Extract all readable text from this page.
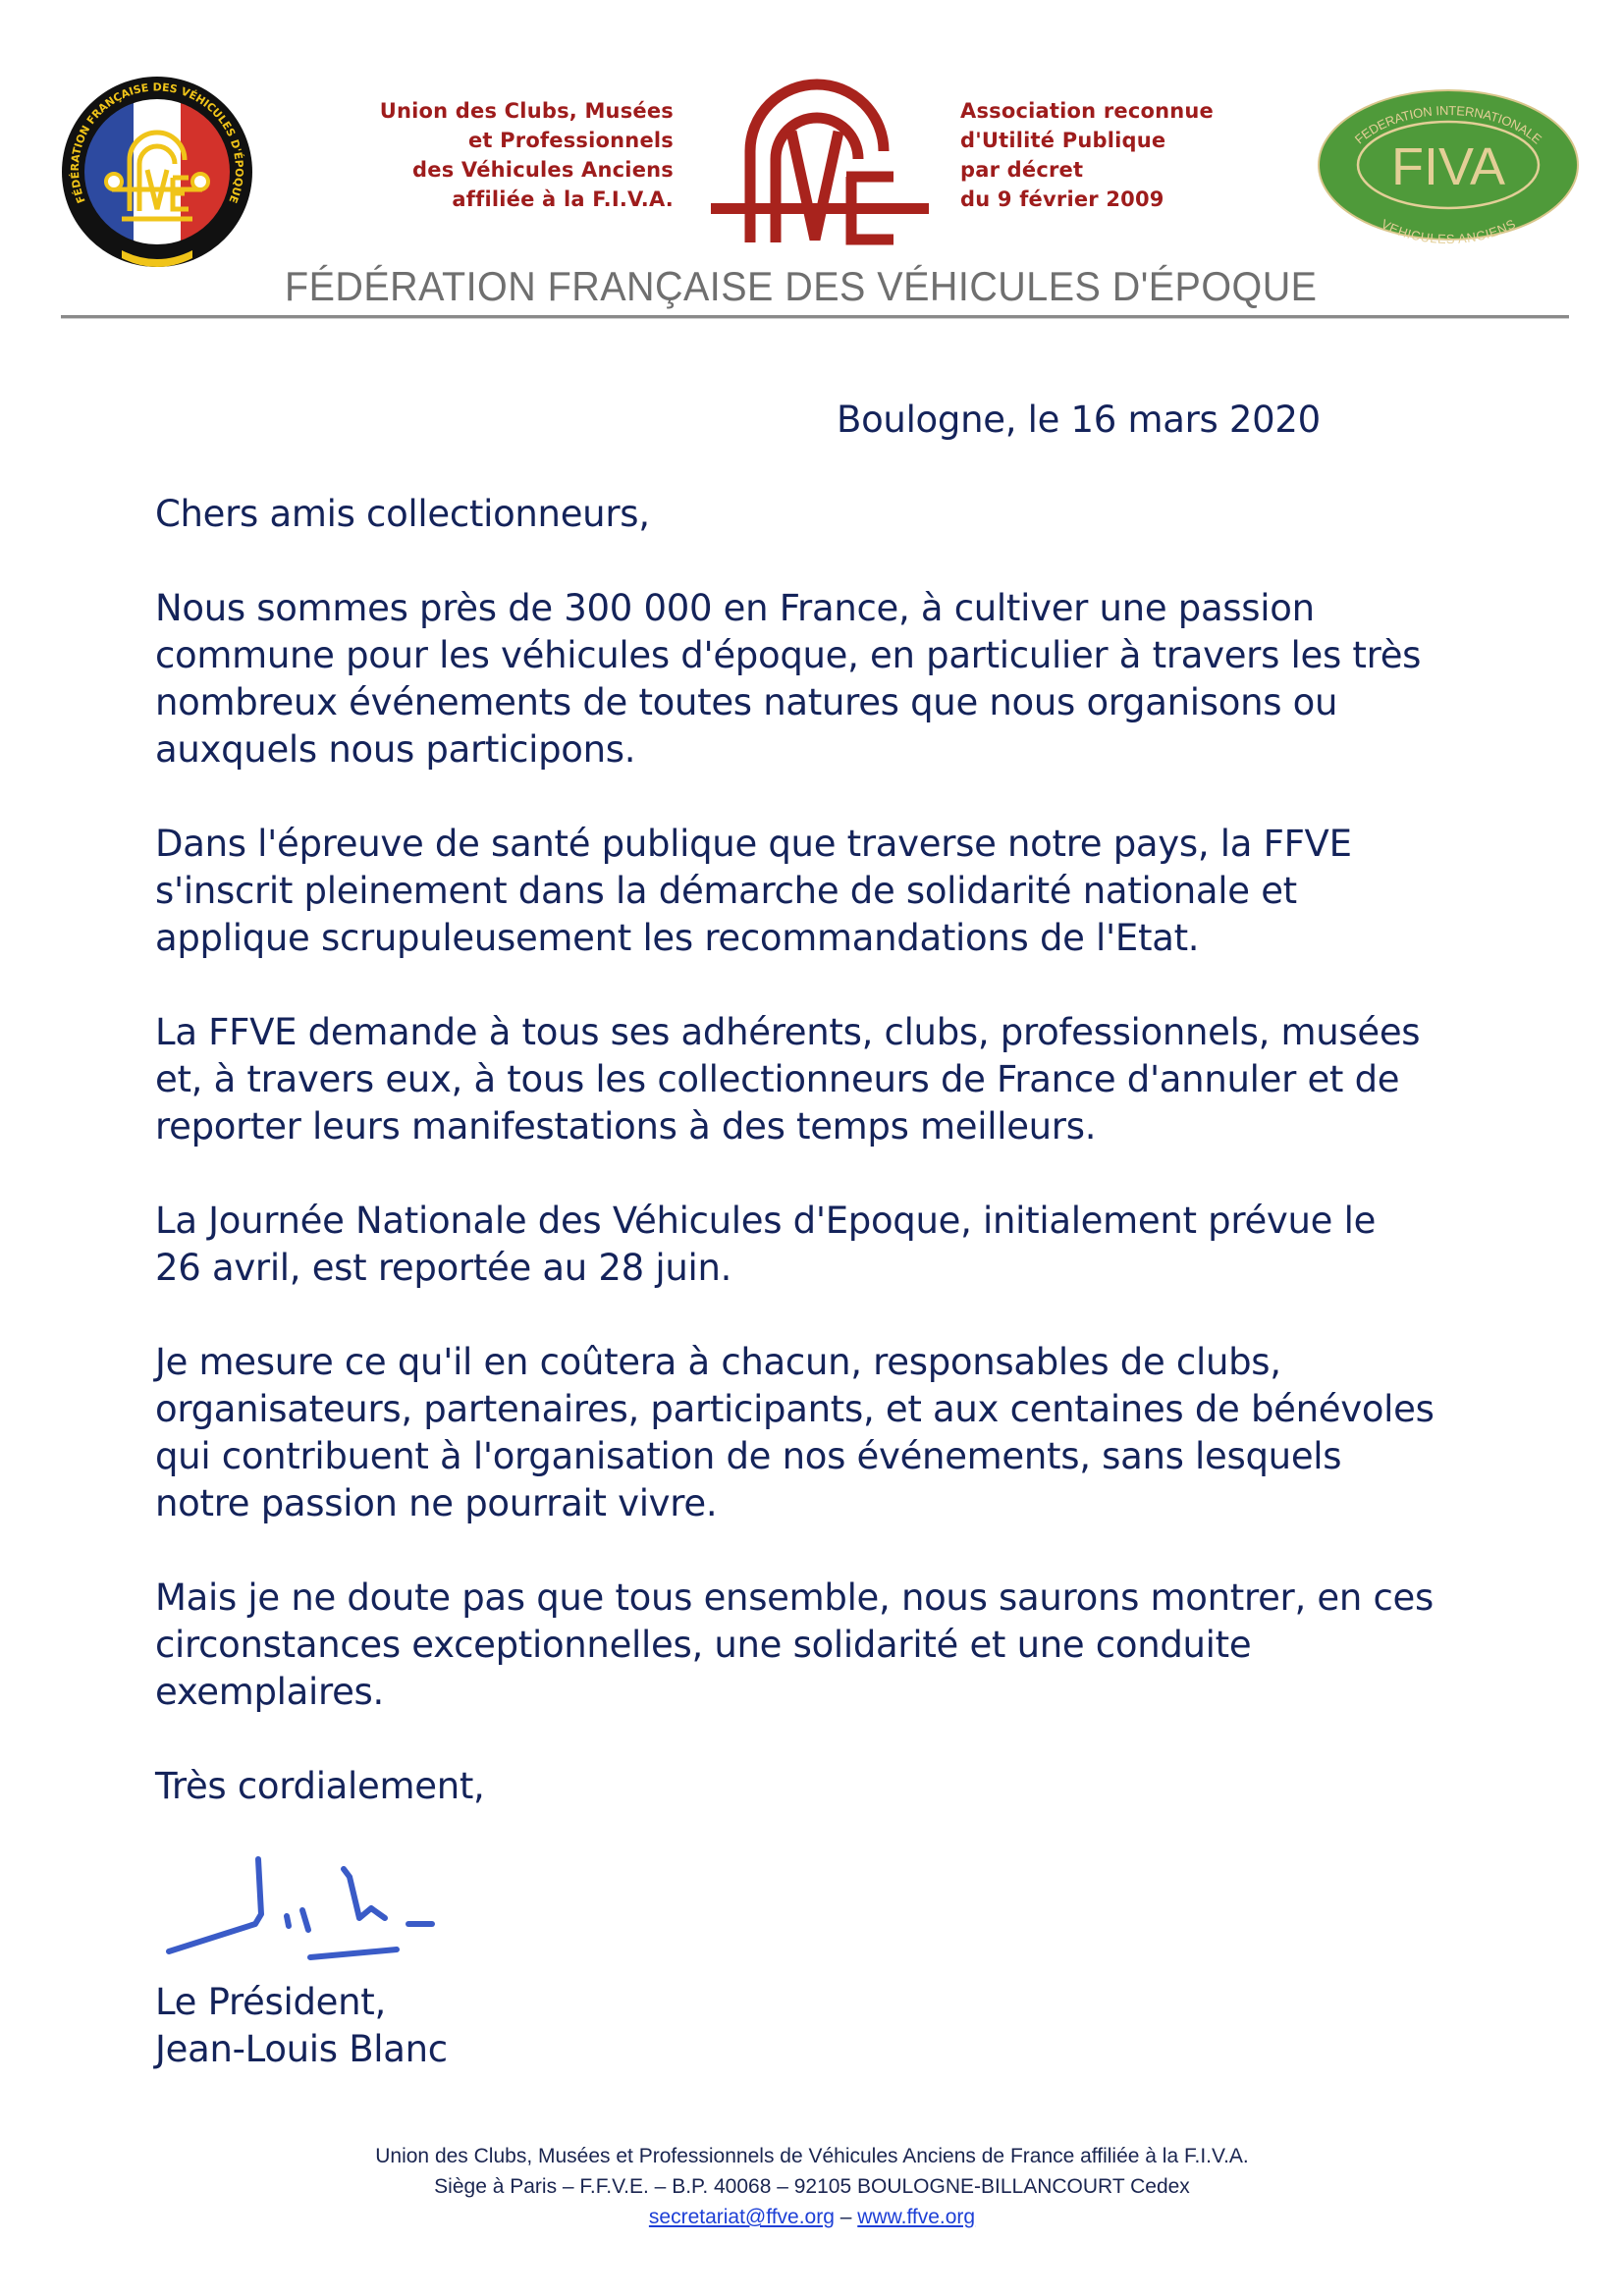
FÉDÉRATION FRANÇAISE DES VÉHICULES D'ÉPOQUE
Union des Clubs, Musées
et Professionnels
des Véhicules Anciens
affiliée à la F.I.V.A.
Association reconnue
d'Utilité Publique
par décret
du 9 février 2009
FIVA
FEDERATION INTERNATIONALE
VEHICULES ANCIENS
FÉDÉRATION FRANÇAISE DES VÉHICULES D'ÉPOQUE
Boulogne, le 16 mars 2020
Chers amis collectionneurs,
Nous sommes près de 300 000 en France, à cultiver une passion
commune pour les véhicules d'époque, en particulier à travers les très
nombreux événements de toutes natures que nous organisons ou
auxquels nous participons.
Dans l'épreuve de santé publique que traverse notre pays, la FFVE
s'inscrit pleinement dans la démarche de solidarité nationale et
applique scrupuleusement les recommandations de l'Etat.
La FFVE demande à tous ses adhérents, clubs, professionnels, musées
et, à travers eux, à tous les collectionneurs de France d'annuler et de
reporter leurs manifestations à des temps meilleurs.
La Journée Nationale des Véhicules d'Epoque, initialement prévue le
26 avril, est reportée au 28 juin.
Je mesure ce qu'il en coûtera à chacun, responsables de clubs,
organisateurs, partenaires, participants, et aux centaines de bénévoles
qui contribuent à l'organisation de nos événements, sans lesquels
notre passion ne pourrait vivre.
Mais je ne doute pas que tous ensemble, nous saurons montrer, en ces
circonstances exceptionnelles, une solidarité et une conduite
exemplaires.
Très cordialement,
Le Président,
Jean-Louis Blanc
Union des Clubs, Musées et Professionnels de Véhicules Anciens de France affiliée à la F.I.V.A.
Siège à Paris – F.F.V.E. – B.P. 40068 – 92105 BOULOGNE-BILLANCOURT Cedex
secretariat@ffve.org – www.ffve.org
